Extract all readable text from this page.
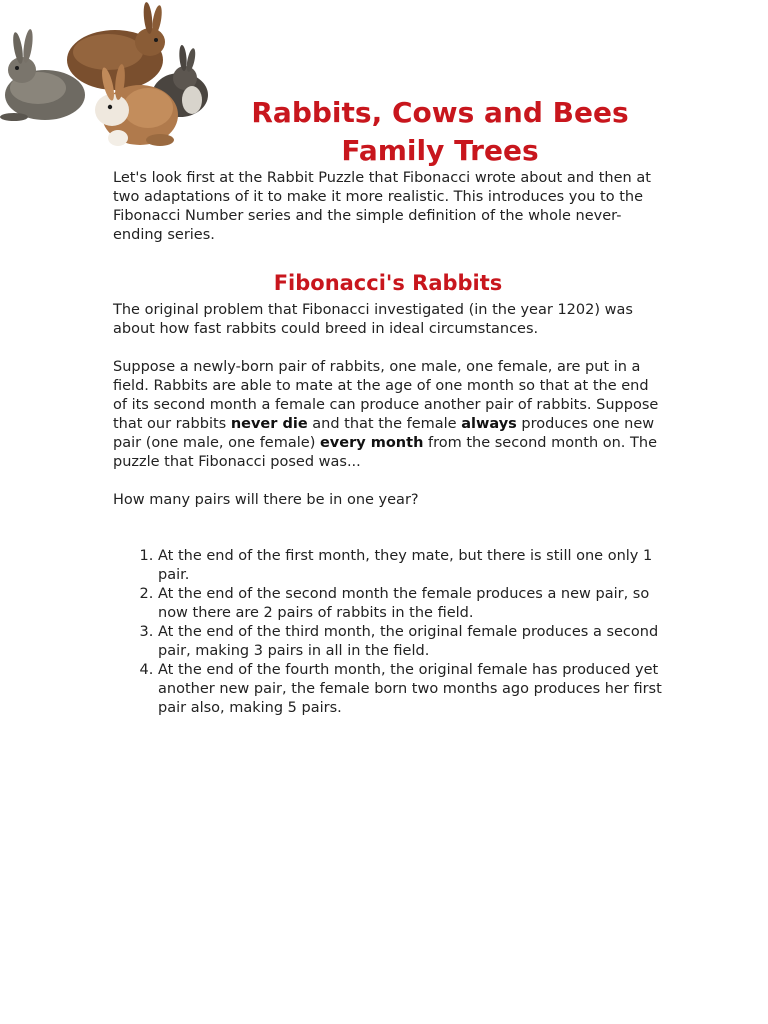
Rabbits, Cows and Bees
Family Trees

Let's look first at the Rabbit Puzzle that Fibonacci wrote about and then at two adaptations of it to make it more realistic. This introduces you to the Fibonacci Number series and the simple definition of the whole never-ending series.

Fibonacci's Rabbits

The original problem that Fibonacci investigated (in the year 1202) was about how fast rabbits could breed in ideal circumstances.

Suppose a newly-born pair of rabbits, one male, one female, are put in a field. Rabbits are able to mate at the age of one month so that at the end of its second month a female can produce another pair of rabbits. Suppose that our rabbits never die and that the female always produces one new pair (one male, one female) every month from the second month on. The puzzle that Fibonacci posed was...

How many pairs will there be in one year?

1. At the end of the first month, they mate, but there is still one only 1 pair.
2. At the end of the second month the female produces a new pair, so now there are 2 pairs of rabbits in the field.
3. At the end of the third month, the original female produces a second pair, making 3 pairs in all in the field.
4. At the end of the fourth month, the original female has produced yet another new pair, the female born two months ago produces her first pair also, making 5 pairs.
